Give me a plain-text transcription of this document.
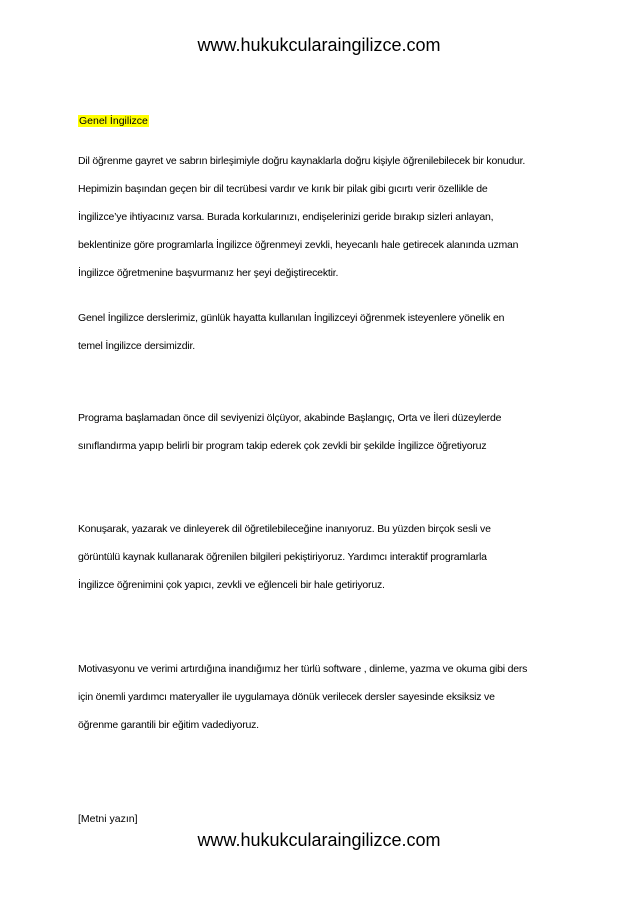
www.hukukcularaingilizce.com
Genel İngilizce
Dil öğrenme gayret ve sabrın birleşimiyle doğru kaynaklarla doğru kişiyle öğrenilebilecek bir konudur.
Hepimizin başından geçen bir dil tecrübesi vardır ve kırık bir pilak gibi gıcırtı verir özellikle de
İngilizce’ye ihtiyacınız varsa. Burada korkularınızı, endişelerinizi geride bırakıp sizleri anlayan,
beklentinize göre programlarla İngilizce öğrenmeyi zevkli, heyecanlı hale getirecek alanında uzman
İngilizce öğretmenine başvurmanız her şeyi değiştirecektir.
Genel İngilizce derslerimiz, günlük hayatta kullanılan İngilizceyi öğrenmek isteyenlere yönelik en
temel İngilizce dersimizdir.
Programa başlamadan önce dil seviyenizi ölçüyor, akabinde Başlangıç, Orta ve İleri düzeylerde
sınıflandırma yapıp belirli bir program takip ederek çok zevkli bir şekilde İngilizce öğretiyoruz
Konuşarak, yazarak ve dinleyerek dil öğretilebileceğine inanıyoruz. Bu yüzden birçok sesli ve
görüntülü kaynak kullanarak öğrenilen bilgileri pekiştiriyoruz. Yardımcı interaktif programlarla
İngilizce öğrenimini çok yapıcı, zevkli ve eğlenceli bir hale getiriyoruz.
Motivasyonu ve verimi artırdığına inandığımız her türlü software , dinleme, yazma ve okuma gibi ders
için önemli yardımcı materyaller ile uygulamaya dönük verilecek dersler sayesinde eksiksiz ve
öğrenme garantili bir eğitim vadediyoruz.
[Metni yazın]
www.hukukcularaingilizce.com
